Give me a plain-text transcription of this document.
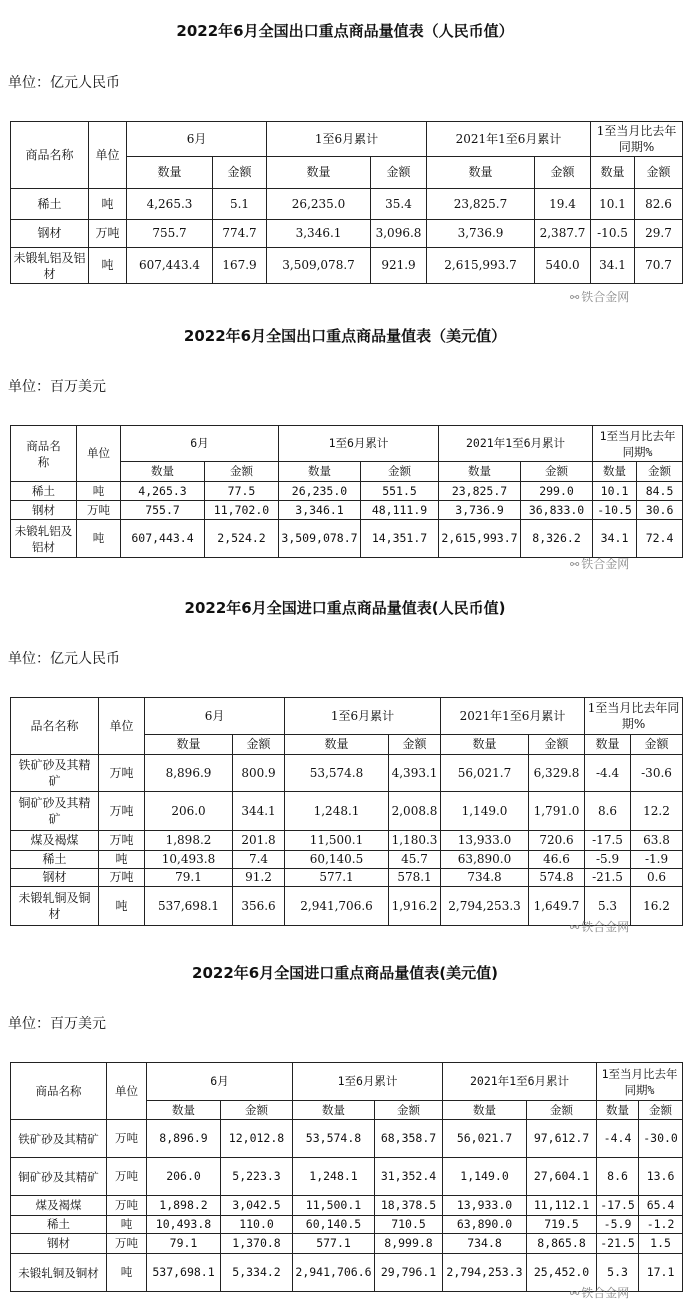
2022年6月全国出口重点商品量值表（人民币值）
单位：亿元人民币
商品名称	单位	6月		1至6月累计		2021年1至6月累计		1至当月比去年同期%	
		数量	金额	数量	金额	数量	金额	数量	金额
稀土	吨	4,265.3	5.1	26,235.0	35.4	23,825.7	19.4	10.1	82.6
钢材	万吨	755.7	774.7	3,346.1	3,096.8	3,736.9	2,387.7	-10.5	29.7
未锻轧铝及铝材	吨	607,443.4	167.9	3,509,078.7	921.9	2,615,993.7	540.0	34.1	70.7
⚯ 铁合金网
2022年6月全国出口重点商品量值表（美元值）
单位：百万美元
商品名称	单位	6月		1至6月累计		2021年1至6月累计		1至当月比去年同期%	
		数量	金额	数量	金额	数量	金额	数量	金额
稀土	吨	4,265.3	77.5	26,235.0	551.5	23,825.7	299.0	10.1	84.5
钢材	万吨	755.7	11,702.0	3,346.1	48,111.9	3,736.9	36,833.0	-10.5	30.6
未锻轧铝及铝材	吨	607,443.4	2,524.2	3,509,078.7	14,351.7	2,615,993.7	8,326.2	34.1	72.4
⚯ 铁合金网
2022年6月全国进口重点商品量值表(人民币值)
单位：亿元人民币
品名名称	单位	6月		1至6月累计		2021年1至6月累计		1至当月比去年同期%	
		数量	金额	数量	金额	数量	金额	数量	金额
铁矿砂及其精矿	万吨	8,896.9	800.9	53,574.8	4,393.1	56,021.7	6,329.8	-4.4	-30.6
铜矿砂及其精矿	万吨	206.0	344.1	1,248.1	2,008.8	1,149.0	1,791.0	8.6	12.2
煤及褐煤	万吨	1,898.2	201.8	11,500.1	1,180.3	13,933.0	720.6	-17.5	63.8
稀土	吨	10,493.8	7.4	60,140.5	45.7	63,890.0	46.6	-5.9	-1.9
钢材	万吨	79.1	91.2	577.1	578.1	734.8	574.8	-21.5	0.6
未锻轧铜及铜材	吨	537,698.1	356.6	2,941,706.6	1,916.2	2,794,253.3	1,649.7	5.3	16.2
⚯ 铁合金网
2022年6月全国进口重点商品量值表(美元值)
单位：百万美元
商品名称	单位	6月		1至6月累计		2021年1至6月累计		1至当月比去年同期%	
		数量	金额	数量	金额	数量	金额	数量	金额
铁矿砂及其精矿	万吨	8,896.9	12,012.8	53,574.8	68,358.7	56,021.7	97,612.7	-4.4	-30.0
铜矿砂及其精矿	万吨	206.0	5,223.3	1,248.1	31,352.4	1,149.0	27,604.1	8.6	13.6
煤及褐煤	万吨	1,898.2	3,042.5	11,500.1	18,378.5	13,933.0	11,112.1	-17.5	65.4
稀土	吨	10,493.8	110.0	60,140.5	710.5	63,890.0	719.5	-5.9	-1.2
钢材	万吨	79.1	1,370.8	577.1	8,999.8	734.8	8,865.8	-21.5	1.5
未锻轧铜及铜材	吨	537,698.1	5,334.2	2,941,706.6	29,796.1	2,794,253.3	25,452.0	5.3	17.1
⚯ 铁合金网
